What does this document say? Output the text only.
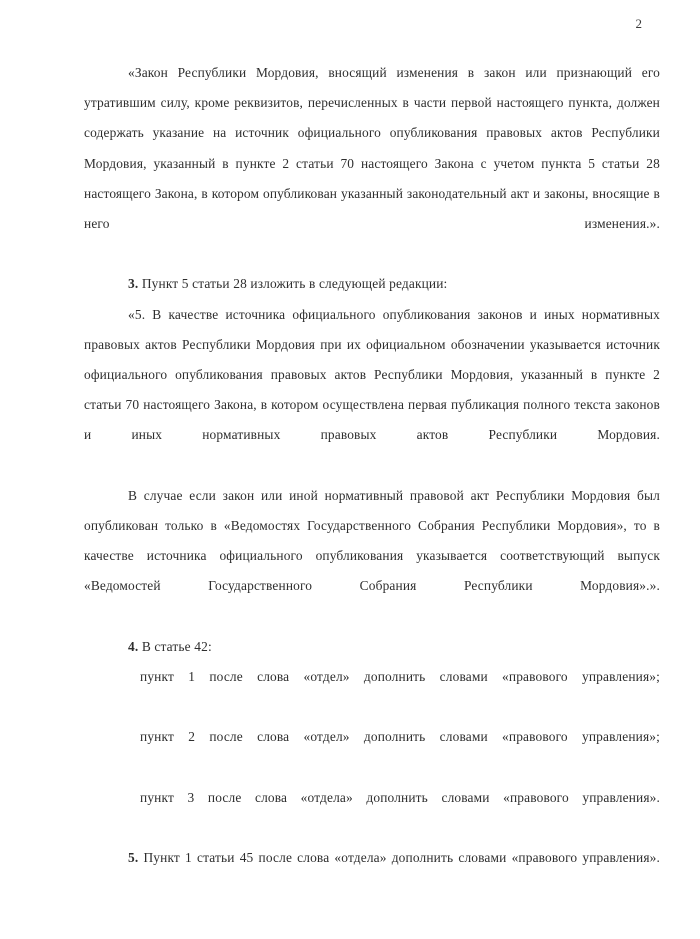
2

«Закон Республики Мордовия, вносящий изменения в закон или признающий его утратившим силу, кроме реквизитов, перечисленных в части первой настоящего пункта, должен содержать указание на источник официального опубликования правовых актов Республики Мордовия, указанный в пункте 2 статьи 70 настоящего Закона с учетом пункта 5 статьи 28 настоящего Закона, в котором опубликован указанный законодательный акт и законы, вносящие в него изменения.».

3. Пункт 5 статьи 28 изложить в следующей редакции:

«5. В качестве источника официального опубликования законов и иных нормативных правовых актов Республики Мордовия при их официальном обозначении указывается источник официального опубликования правовых актов Республики Мордовия, указанный в пункте 2 статьи 70 настоящего Закона, в котором осуществлена первая публикация полного текста законов и иных нормативных правовых актов Республики Мордовия.

В случае если закон или иной нормативный правовой акт Республики Мордовия был опубликован только в «Ведомостях Государственного Собрания Республики Мордовия», то в качестве источника официального опубликования указывается соответствующий выпуск «Ведомостей Государственного Собрания Республики Мордовия».».

4. В статье 42:

пункт 1 после слова «отдел» дополнить словами «правового управления»;

пункт 2 после слова «отдел» дополнить словами «правового управления»;

пункт 3 после слова «отдела» дополнить словами «правового управления».

5. Пункт 1 статьи 45 после слова «отдела» дополнить словами «правового управления».
